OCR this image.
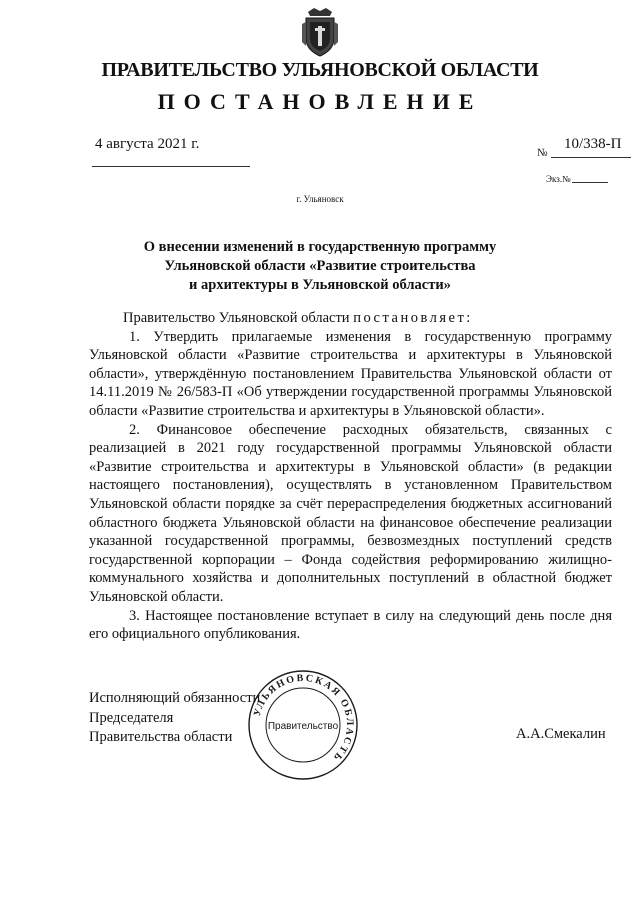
ПРАВИТЕЛЬСТВО УЛЬЯНОВСКОЙ ОБЛАСТИ
ПОСТАНОВЛЕНИЕ
4 августа 2021 г.
№
10/338-П
Экз.№
г. Ульяновск
О внесении изменений в государственную программу
Ульяновской области «Развитие строительства
и архитектуры в Ульяновской области»

Правительство Ульяновской области постановляет:

1. Утвердить прилагаемые изменения в государственную программу Ульяновской области «Развитие строительства и архитектуры в Ульяновской области», утверждённую постановлением Правительства Ульяновской области от 14.11.2019 № 26/583-П «Об утверждении государственной программы Ульяновской области «Развитие строительства и архитектуры в Ульяновской области».

2. Финансовое обеспечение расходных обязательств, связанных с реализацией в 2021 году государственной программы Ульяновской области «Развитие строительства и архитектуры в Ульяновской области» (в редакции настоящего постановления), осуществлять в установленном Правительством Ульяновской области порядке за счёт перераспределения бюджетных ассигнований областного бюджета Ульяновской области на финансовое обеспечение реализации указанной государственной программы, безвозмездных поступлений средств государственной корпорации – Фонда содействия реформированию жилищно-коммунального хозяйства и дополнительных поступлений в областной бюджет Ульяновской области.

3. Настоящее постановление вступает в силу на следующий день после дня его официального опубликования.

Исполняющий обязанности
Председателя
Правительства области	А.А.Смекалин
УЛЬЯНОВСКАЯ ОБЛАСТЬ
Правительство
